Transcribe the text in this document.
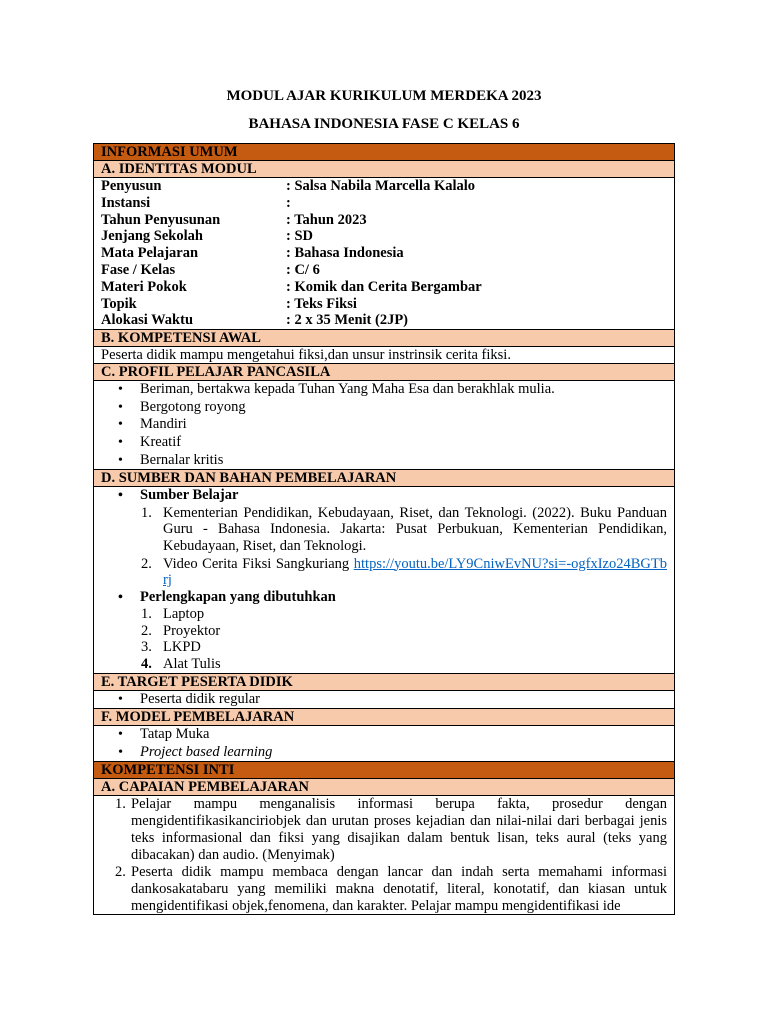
MODUL AJAR KURIKULUM MERDEKA 2023
BAHASA INDONESIA FASE C KELAS 6
INFORMASI UMUM
A. IDENTITAS MODUL
Penyusun	: Salsa Nabila Marcella Kalalo
Instansi	:
Tahun Penyusunan	: Tahun 2023
Jenjang Sekolah	: SD
Mata Pelajaran	: Bahasa Indonesia
Fase / Kelas	: C/ 6
Materi Pokok	: Komik dan Cerita Bergambar
Topik	: Teks Fiksi
Alokasi Waktu	: 2 x 35 Menit (2JP)
B. KOMPETENSI AWAL
Peserta didik mampu mengetahui fiksi,dan unsur instrinsik cerita fiksi.
C. PROFIL PELAJAR PANCASILA
• Beriman, bertakwa kepada Tuhan Yang Maha Esa dan berakhlak mulia.
• Bergotong royong
• Mandiri
• Kreatif
• Bernalar kritis
D. SUMBER DAN BAHAN PEMBELAJARAN
• Sumber Belajar
1. Kementerian Pendidikan, Kebudayaan, Riset, dan Teknologi. (2022). Buku Panduan Guru - Bahasa Indonesia. Jakarta: Pusat Perbukuan, Kementerian Pendidikan, Kebudayaan, Riset, dan Teknologi.
2. Video Cerita Fiksi Sangkuriang https://youtu.be/LY9CniwEvNU?si=-ogfxIzo24BGTbrj
• Perlengkapan yang dibutuhkan
1. Laptop
2. Proyektor
3. LKPD
4. Alat Tulis
E. TARGET PESERTA DIDIK
• Peserta didik regular
F. MODEL PEMBELAJARAN
• Tatap Muka
• Project based learning
KOMPETENSI INTI
A. CAPAIAN PEMBELAJARAN
1. Pelajar mampu menganalisis informasi berupa fakta, prosedur dengan mengidentifikasikanciriobjek dan urutan proses kejadian dan nilai-nilai dari berbagai jenis teks informasional dan fiksi yang disajikan dalam bentuk lisan, teks aural (teks yang dibacakan) dan audio. (Menyimak)
2. Peserta didik mampu membaca dengan lancar dan indah serta memahami informasi dankosakatabaru yang memiliki makna denotatif, literal, konotatif, dan kiasan untuk mengidentifikasi objek,fenomena, dan karakter. Pelajar mampu mengidentifikasi ide
